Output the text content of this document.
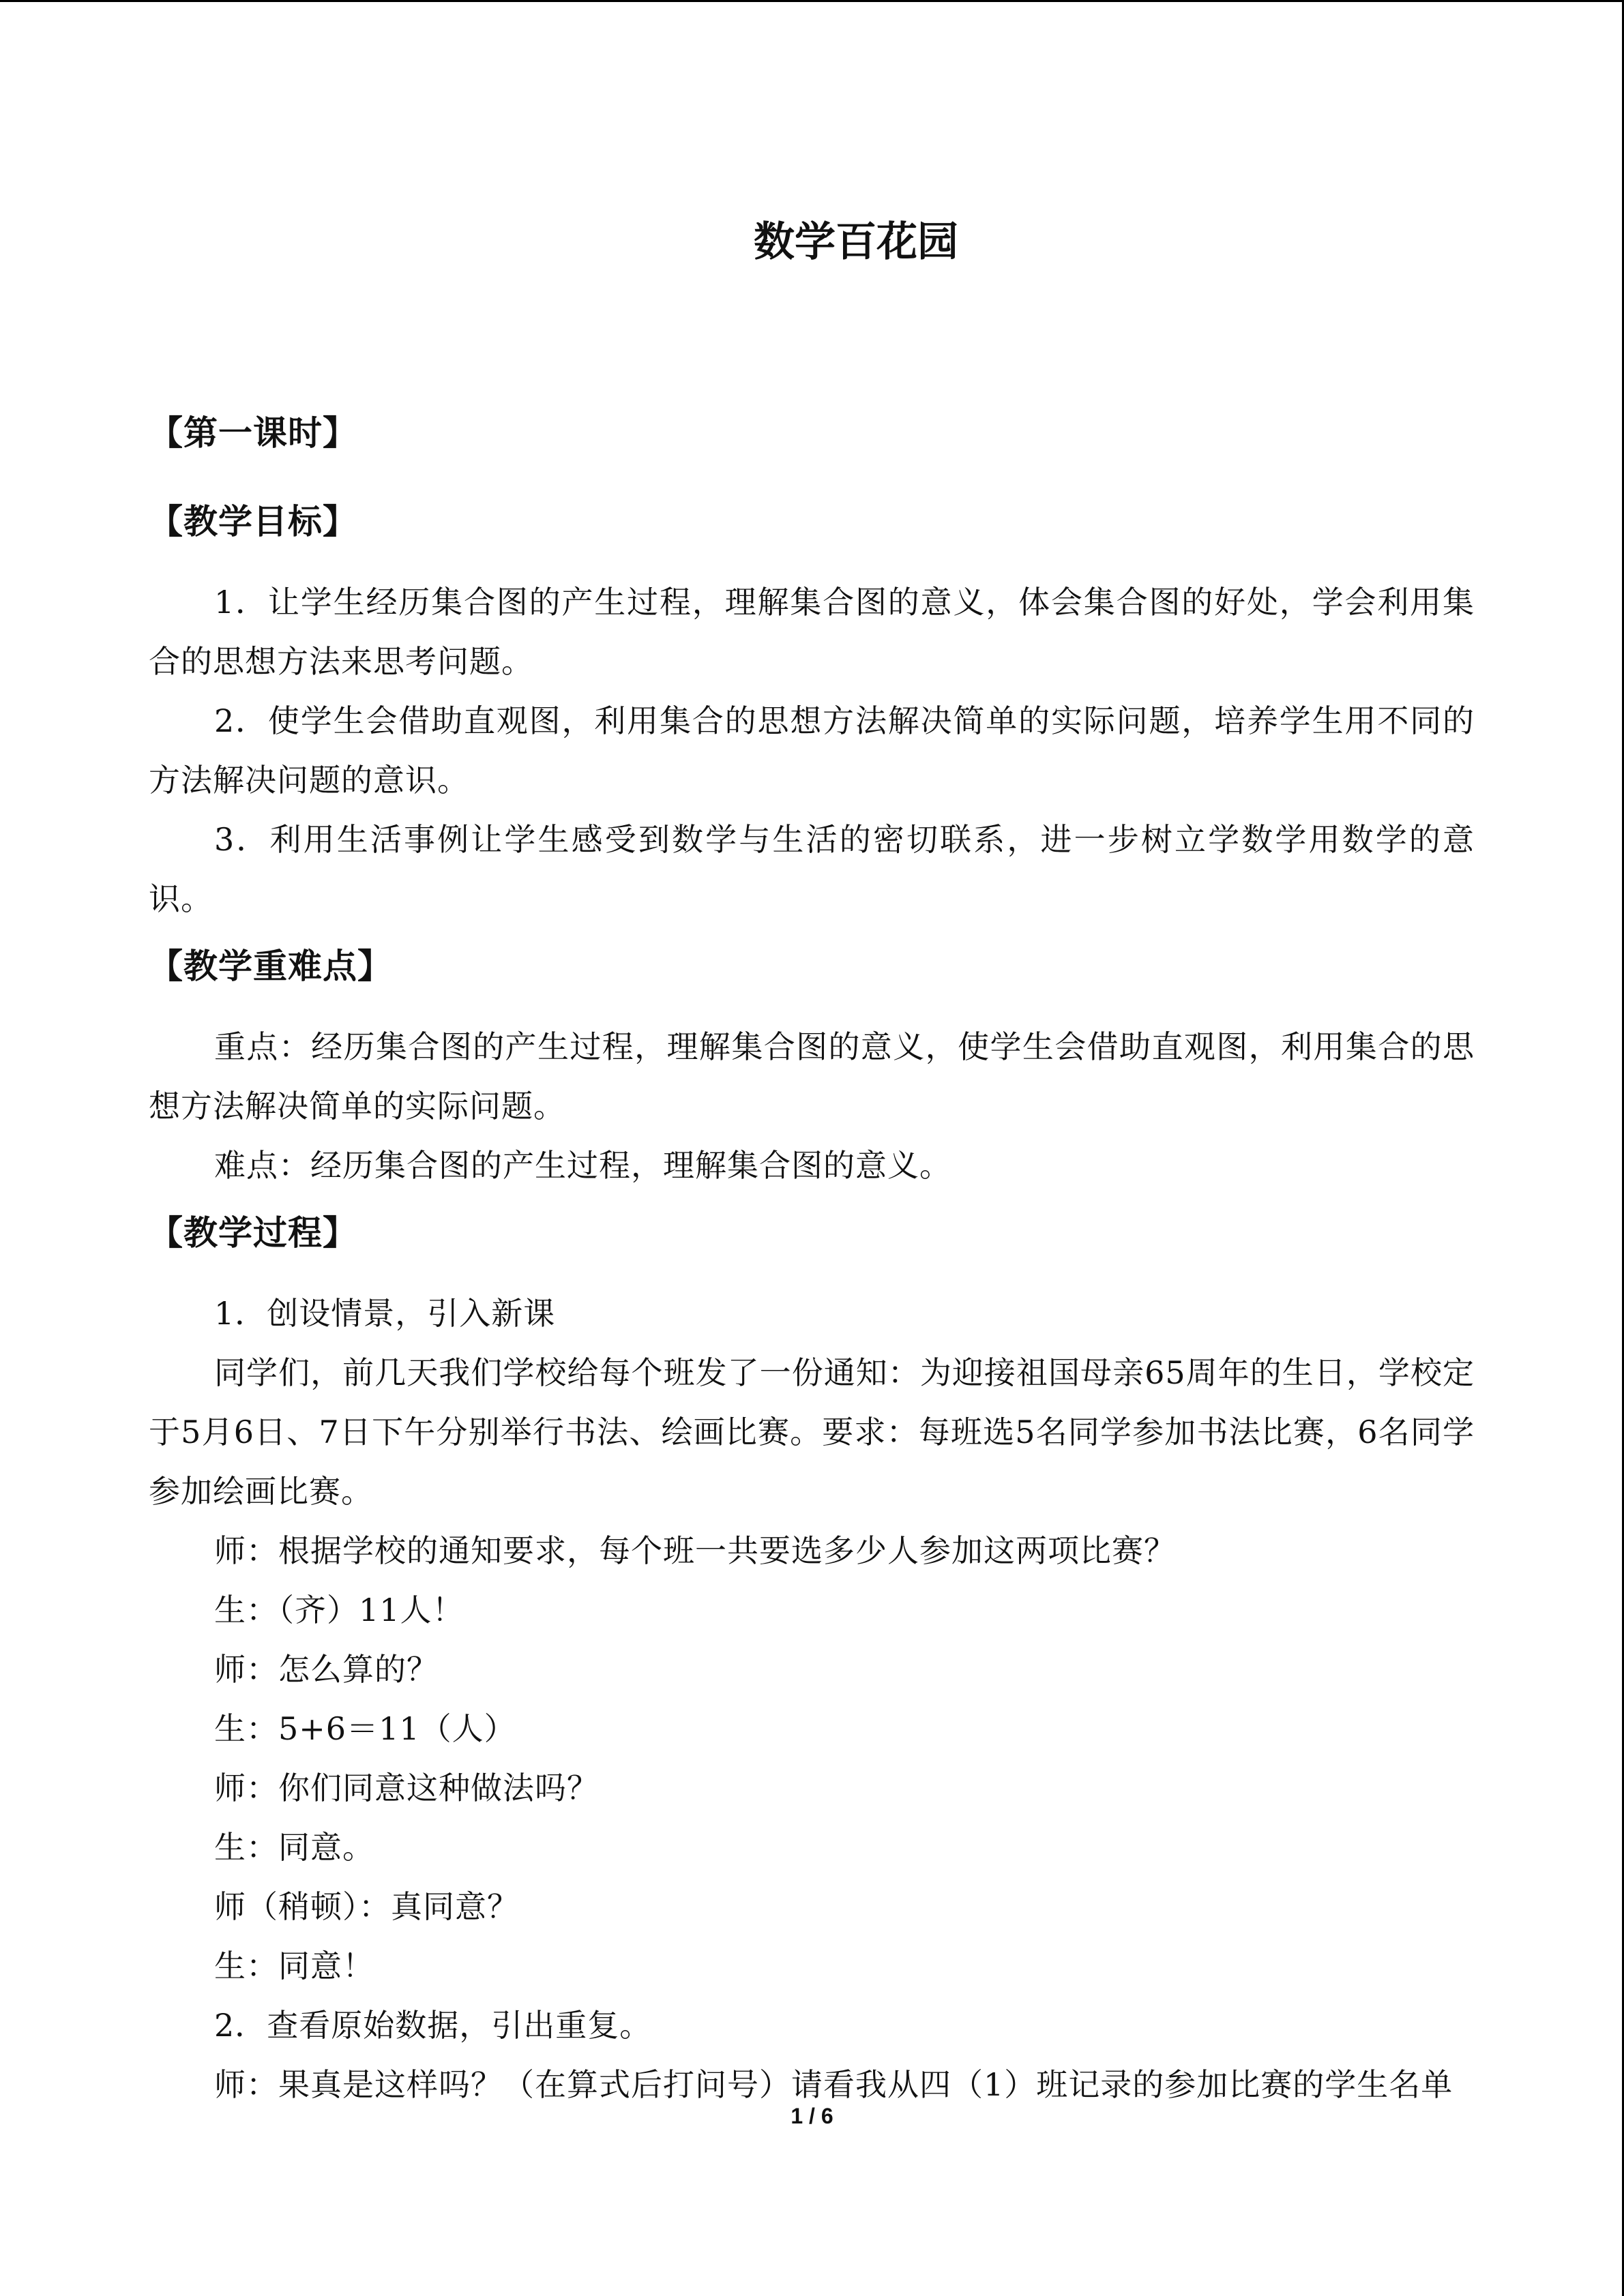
数学百花园
【第一课时】
【教学目标】

1．让学生经历集合图的产生过程，理解集合图的意义，体会集合图的好处，学会利用集合的思想方法来思考问题。

2．使学生会借助直观图，利用集合的思想方法解决简单的实际问题，培养学生用不同的方法解决问题的意识。

3．利用生活事例让学生感受到数学与生活的密切联系，进一步树立学数学用数学的意识。

【教学重难点】

重点：经历集合图的产生过程，理解集合图的意义，使学生会借助直观图，利用集合的思想方法解决简单的实际问题。

难点：经历集合图的产生过程，理解集合图的意义。

【教学过程】

1．创设情景，引入新课

同学们，前几天我们学校给每个班发了一份通知：为迎接祖国母亲65周年的生日，学校定于5月6日、7日下午分别举行书法、绘画比赛。要求：每班选5名同学参加书法比赛，6名同学参加绘画比赛。

师：根据学校的通知要求，每个班一共要选多少人参加这两项比赛？

生：（齐）11人！

师：怎么算的？

生：5+6＝11（人）

师：你们同意这种做法吗？

生：同意。

师（稍顿）：真同意？

生：同意！

2．查看原始数据，引出重复。

师：果真是这样吗？（在算式后打问号）请看我从四（1）班记录的参加比赛的学生名单

1 / 6
